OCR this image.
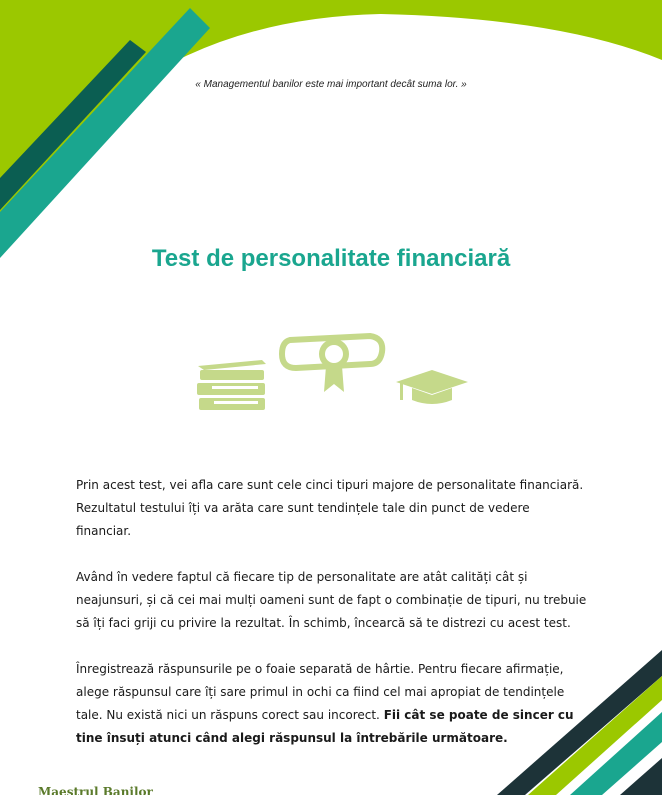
« Managementul banilor este mai important decât suma lor. »
Test de personalitate financiară

Prin acest test, vei afla care sunt cele cinci tipuri majore de personalitate financiară. Rezultatul testului îți va arăta care sunt tendințele tale din punct de vedere financiar.

Având în vedere faptul că fiecare tip de personalitate are atât calități cât și neajunsuri, și că cei mai mulți oameni sunt de fapt o combinație de tipuri, nu trebuie să îți faci griji cu privire la rezultat. În schimb, încearcă să te distrezi cu acest test.

Înregistrează răspunsurile pe o foaie separată de hârtie. Pentru fiecare afirmație, alege răspunsul care îți sare primul in ochi ca fiind cel mai apropiat de tendințele tale. Nu există nici un răspuns corect sau incorect. Fii cât se poate de sincer cu tine însuți atunci când alegi răspunsul la întrebările următoare.

Maestrul Banilor
